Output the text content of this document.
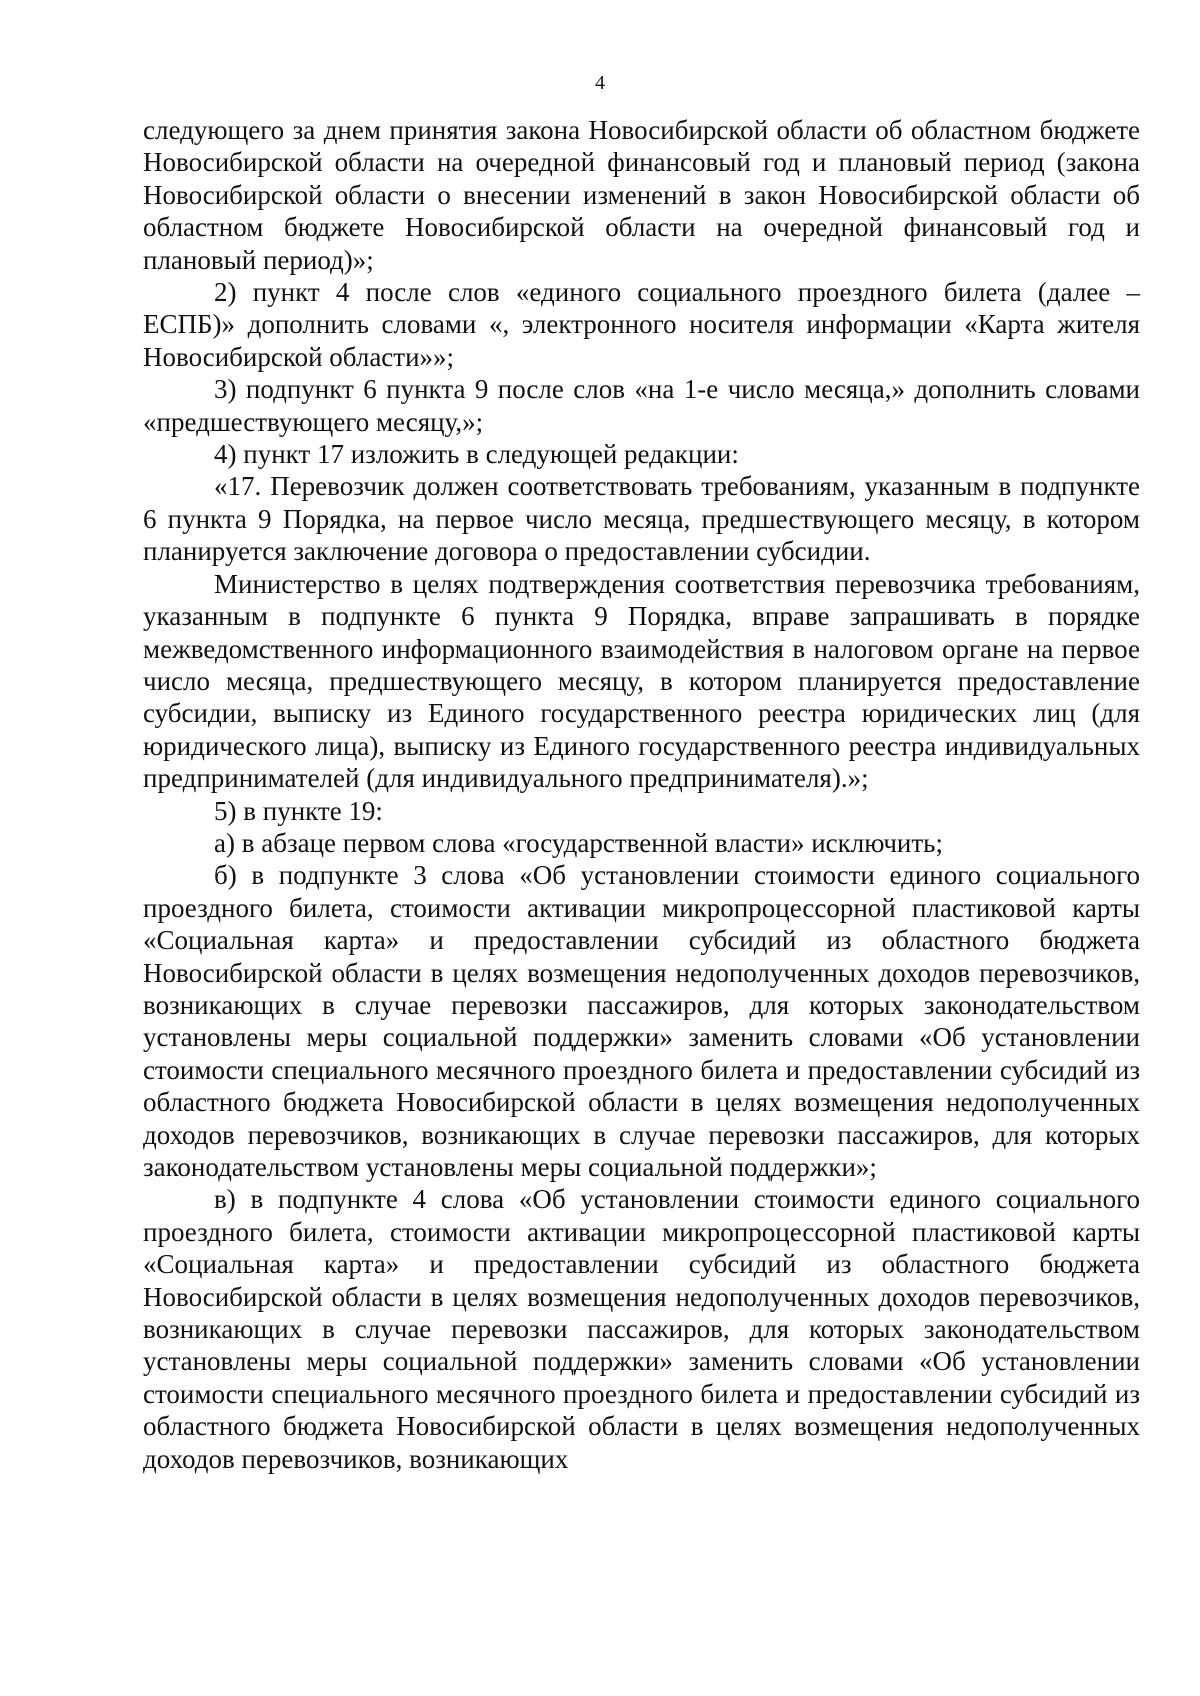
4

следующего за днем принятия закона Новосибирской области об областном бюджете Новосибирской области на очередной финансовый год и плановый период (закона Новосибирской области о внесении изменений в закон Новосибирской области об областном бюджете Новосибирской области на очередной финансовый год и плановый период)»;

2) пункт 4 после слов «единого социального проездного билета (далее – ЕСПБ)» дополнить словами «, электронного носителя информации «Карта жителя Новосибирской области»»;

3) подпункт 6 пункта 9 после слов «на 1-е число месяца,» дополнить словами «предшествующего месяцу,»;

4) пункт 17 изложить в следующей редакции:

«17. Перевозчик должен соответствовать требованиям, указанным в подпункте 6 пункта 9 Порядка, на первое число месяца, предшествующего месяцу, в котором планируется заключение договора о предоставлении субсидии.

Министерство в целях подтверждения соответствия перевозчика требованиям, указанным в подпункте 6 пункта 9 Порядка, вправе запрашивать в порядке межведомственного информационного взаимодействия в налоговом органе на первое число месяца, предшествующего месяцу, в котором планируется предоставление субсидии, выписку из Единого государственного реестра юридических лиц (для юридического лица), выписку из Единого государственного реестра индивидуальных предпринимателей (для индивидуального предпринимателя).»;

5) в пункте 19:

а) в абзаце первом слова «государственной власти» исключить;

б) в подпункте 3 слова «Об установлении стоимости единого социального проездного билета, стоимости активации микропроцессорной пластиковой карты «Социальная карта» и предоставлении субсидий из областного бюджета Новосибирской области в целях возмещения недополученных доходов перевозчиков, возникающих в случае перевозки пассажиров, для которых законодательством установлены меры социальной поддержки» заменить словами «Об установлении стоимости специального месячного проездного билета и предоставлении субсидий из областного бюджета Новосибирской области в целях возмещения недополученных доходов перевозчиков, возникающих в случае перевозки пассажиров, для которых законодательством установлены меры социальной поддержки»;

в) в подпункте 4 слова «Об установлении стоимости единого социального проездного билета, стоимости активации микропроцессорной пластиковой карты «Социальная карта» и предоставлении субсидий из областного бюджета Новосибирской области в целях возмещения недополученных доходов перевозчиков, возникающих в случае перевозки пассажиров, для которых законодательством установлены меры социальной поддержки» заменить словами «Об установлении стоимости специального месячного проездного билета и предоставлении субсидий из областного бюджета Новосибирской области в целях возмещения недополученных доходов перевозчиков, возникающих
